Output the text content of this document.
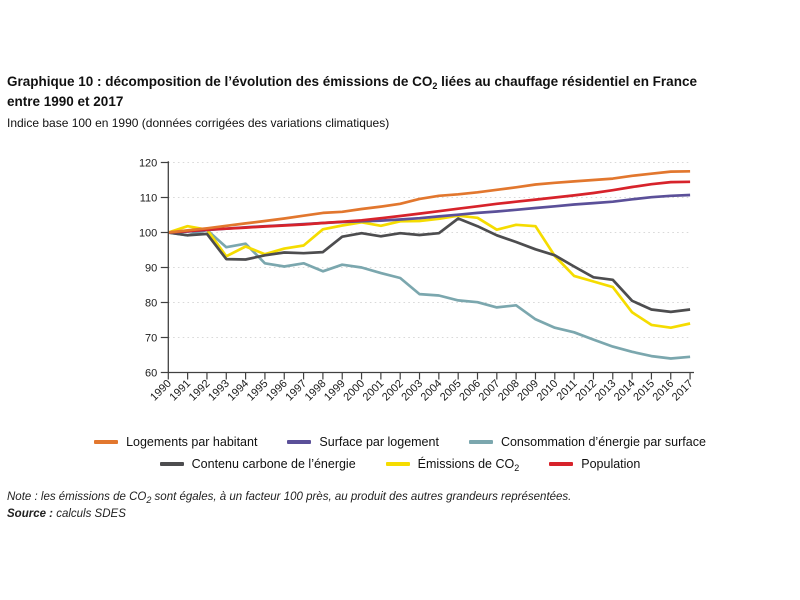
Graphique 10 : décomposition de l’évolution des émissions de $CO_2$ liées au chauffage résidentiel en France
entre 1990 et 2017
Indice base 100 en 1990 (données corrigées des variations climatiques)
60
70
80
90
100
110
120
1990
1991
1992
1993
1994
1995
1996
1997
1998
1999
2000
2001
2002
2003
2004
2005
2006
2007
2008
2009
2010
2011
2012
2013
2014
2015
2016
2017
Logements par habitant	Surface par logement	Consommation d’énergie par surface
Contenu carbone de l’énergie	Émissions de $CO_2$	Population
Note : les émissions de $CO_2$ sont égales, à un facteur 100 près, au produit des autres grandeurs représentées.
Source : calculs SDES
